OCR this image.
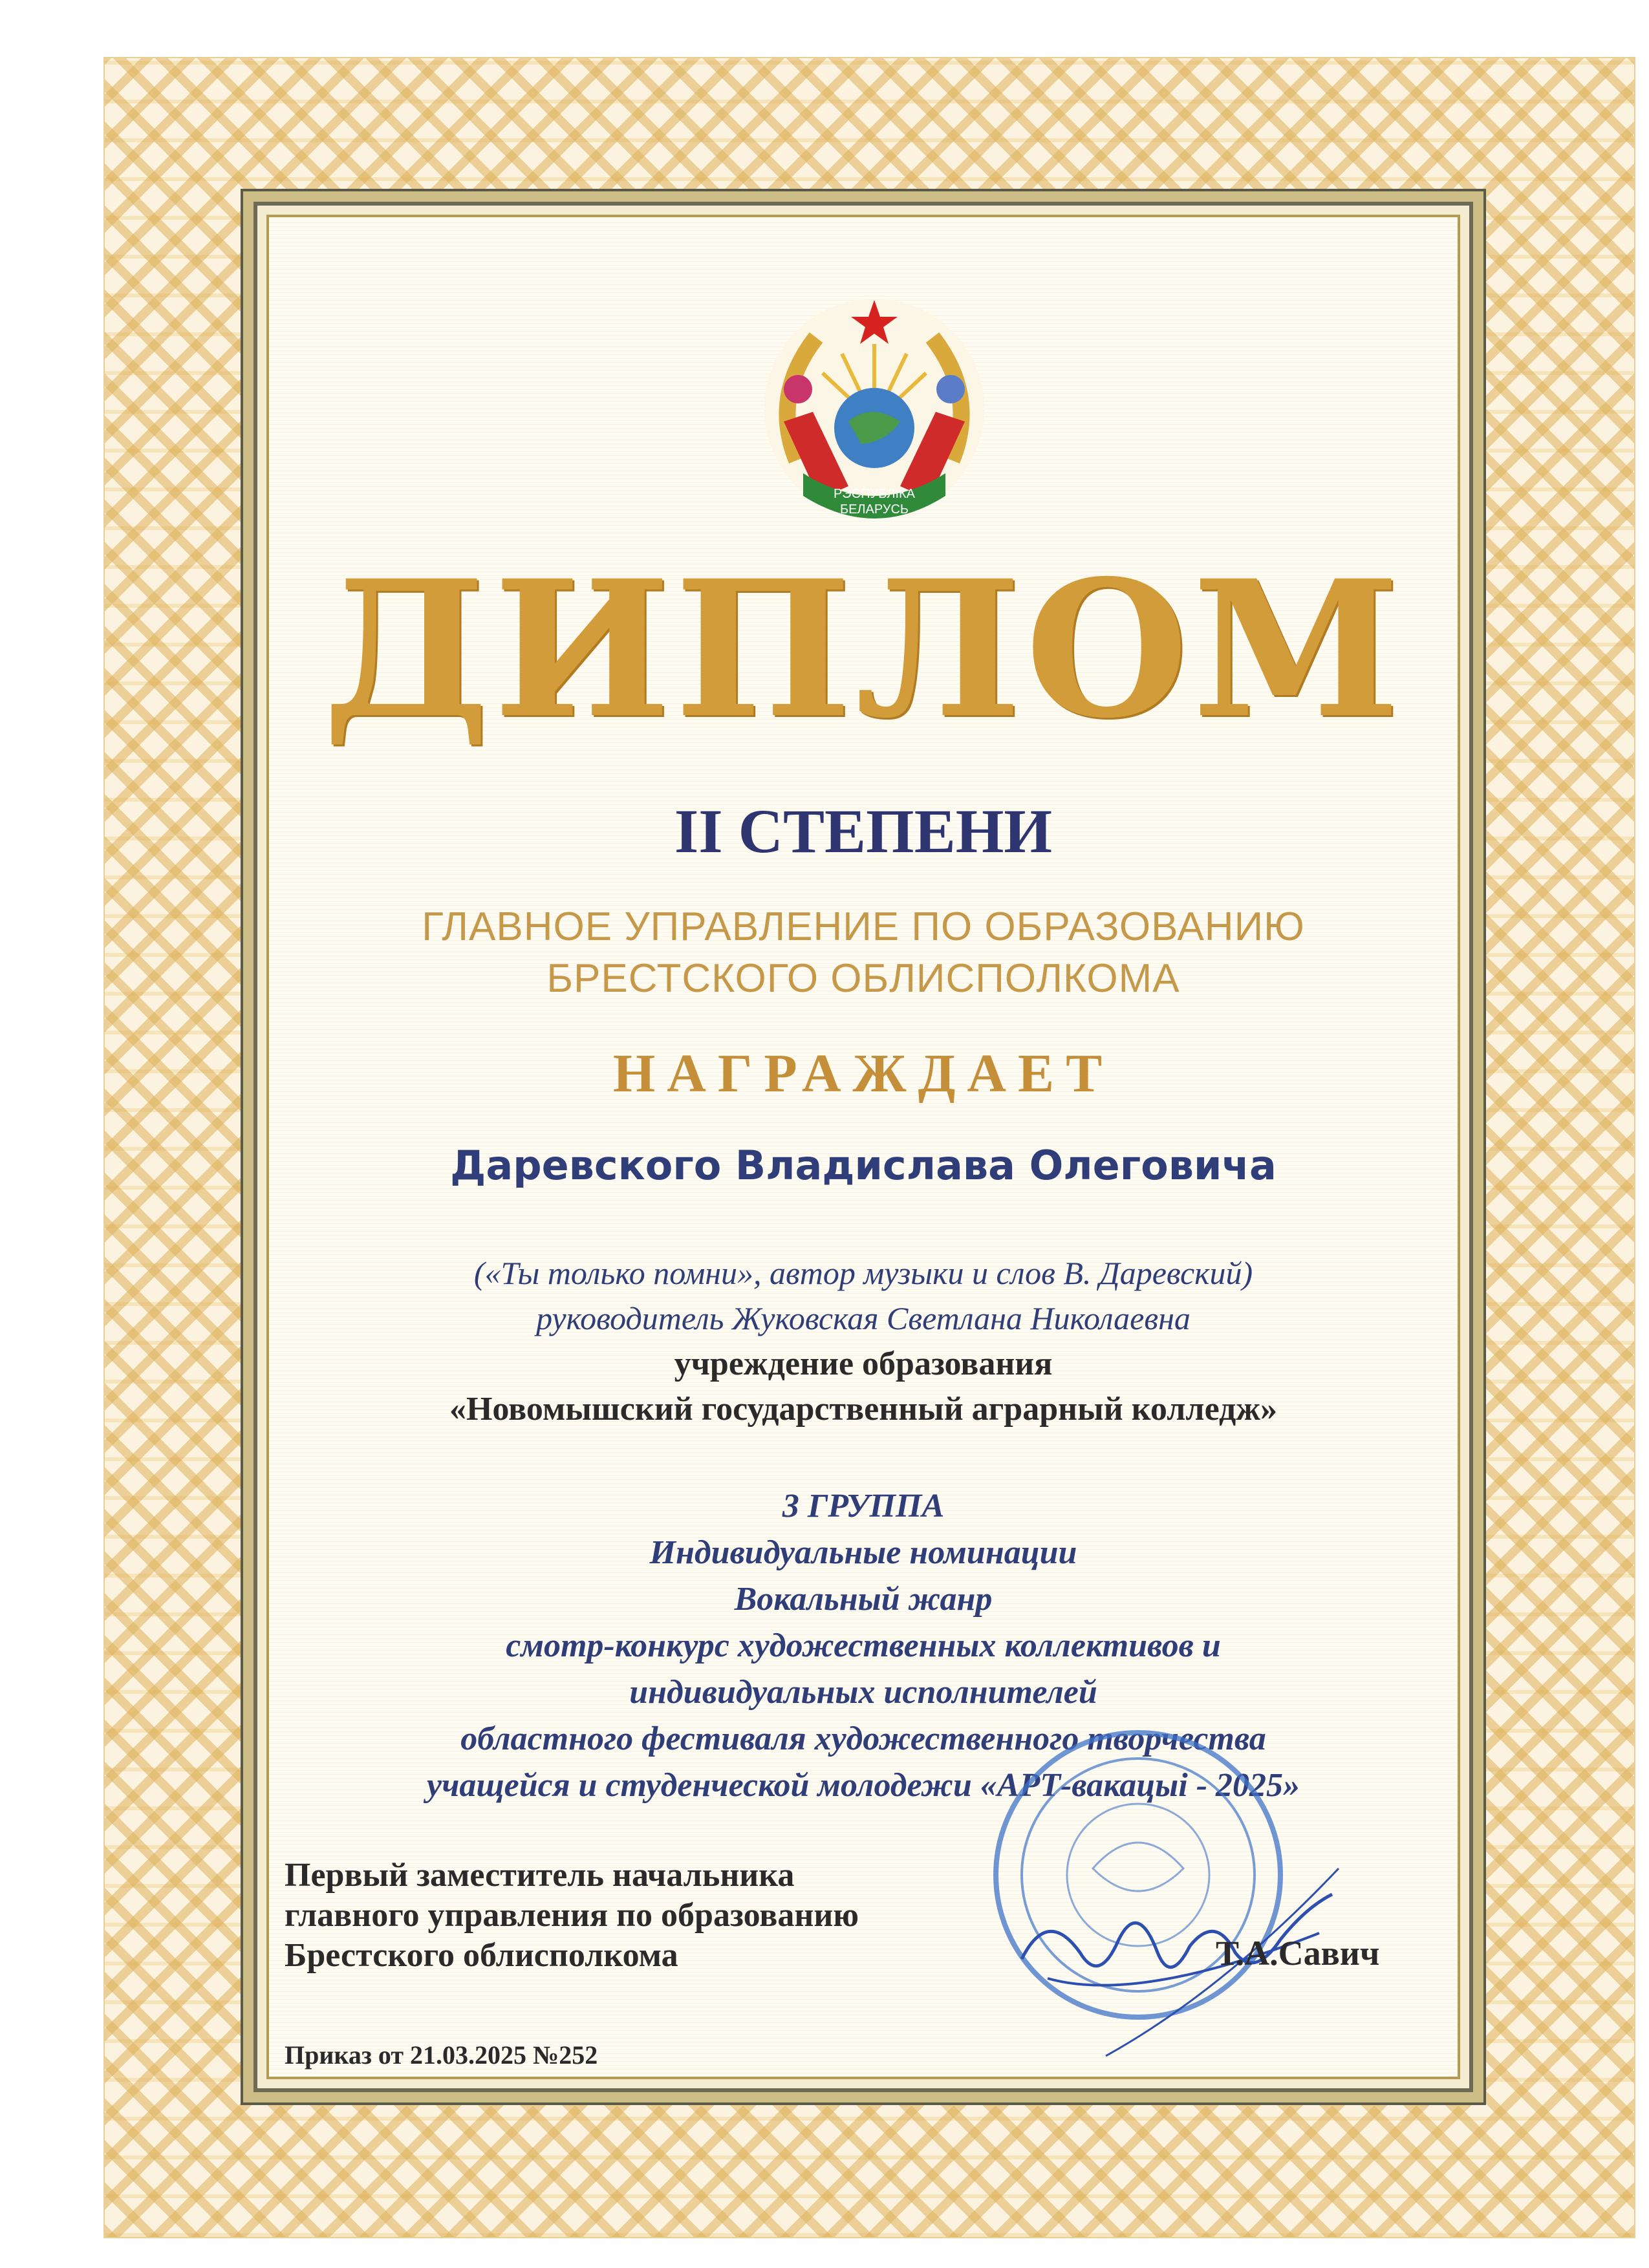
РЭСПУБЛІКА
БЕЛАРУСЬ
ДИПЛОМ
II СТЕПЕНИ
ГЛАВНОЕ УПРАВЛЕНИЕ ПО ОБРАЗОВАНИЮ
БРЕСТСКОГО ОБЛИСПОЛКОМА
НАГРАЖДАЕТ
Даревского Владислава Олеговича
(«Ты только помни», автор музыки и слов В. Даревский)
руководитель Жуковская Светлана Николаевна
учреждение образования
«Новомышский государственный аграрный колледж»
3 ГРУППА
Индивидуальные номинации
Вокальный жанр
смотр-конкурс художественных коллективов и
индивидуальных исполнителей
областного фестиваля художественного творчества
учащейся и студенческой молодежи «АРТ-вакацыі - 2025»
Первый заместитель начальника
главного управления по образованию
Брестского облисполкома	Т.А.Савич
Приказ от 21.03.2025 №252
